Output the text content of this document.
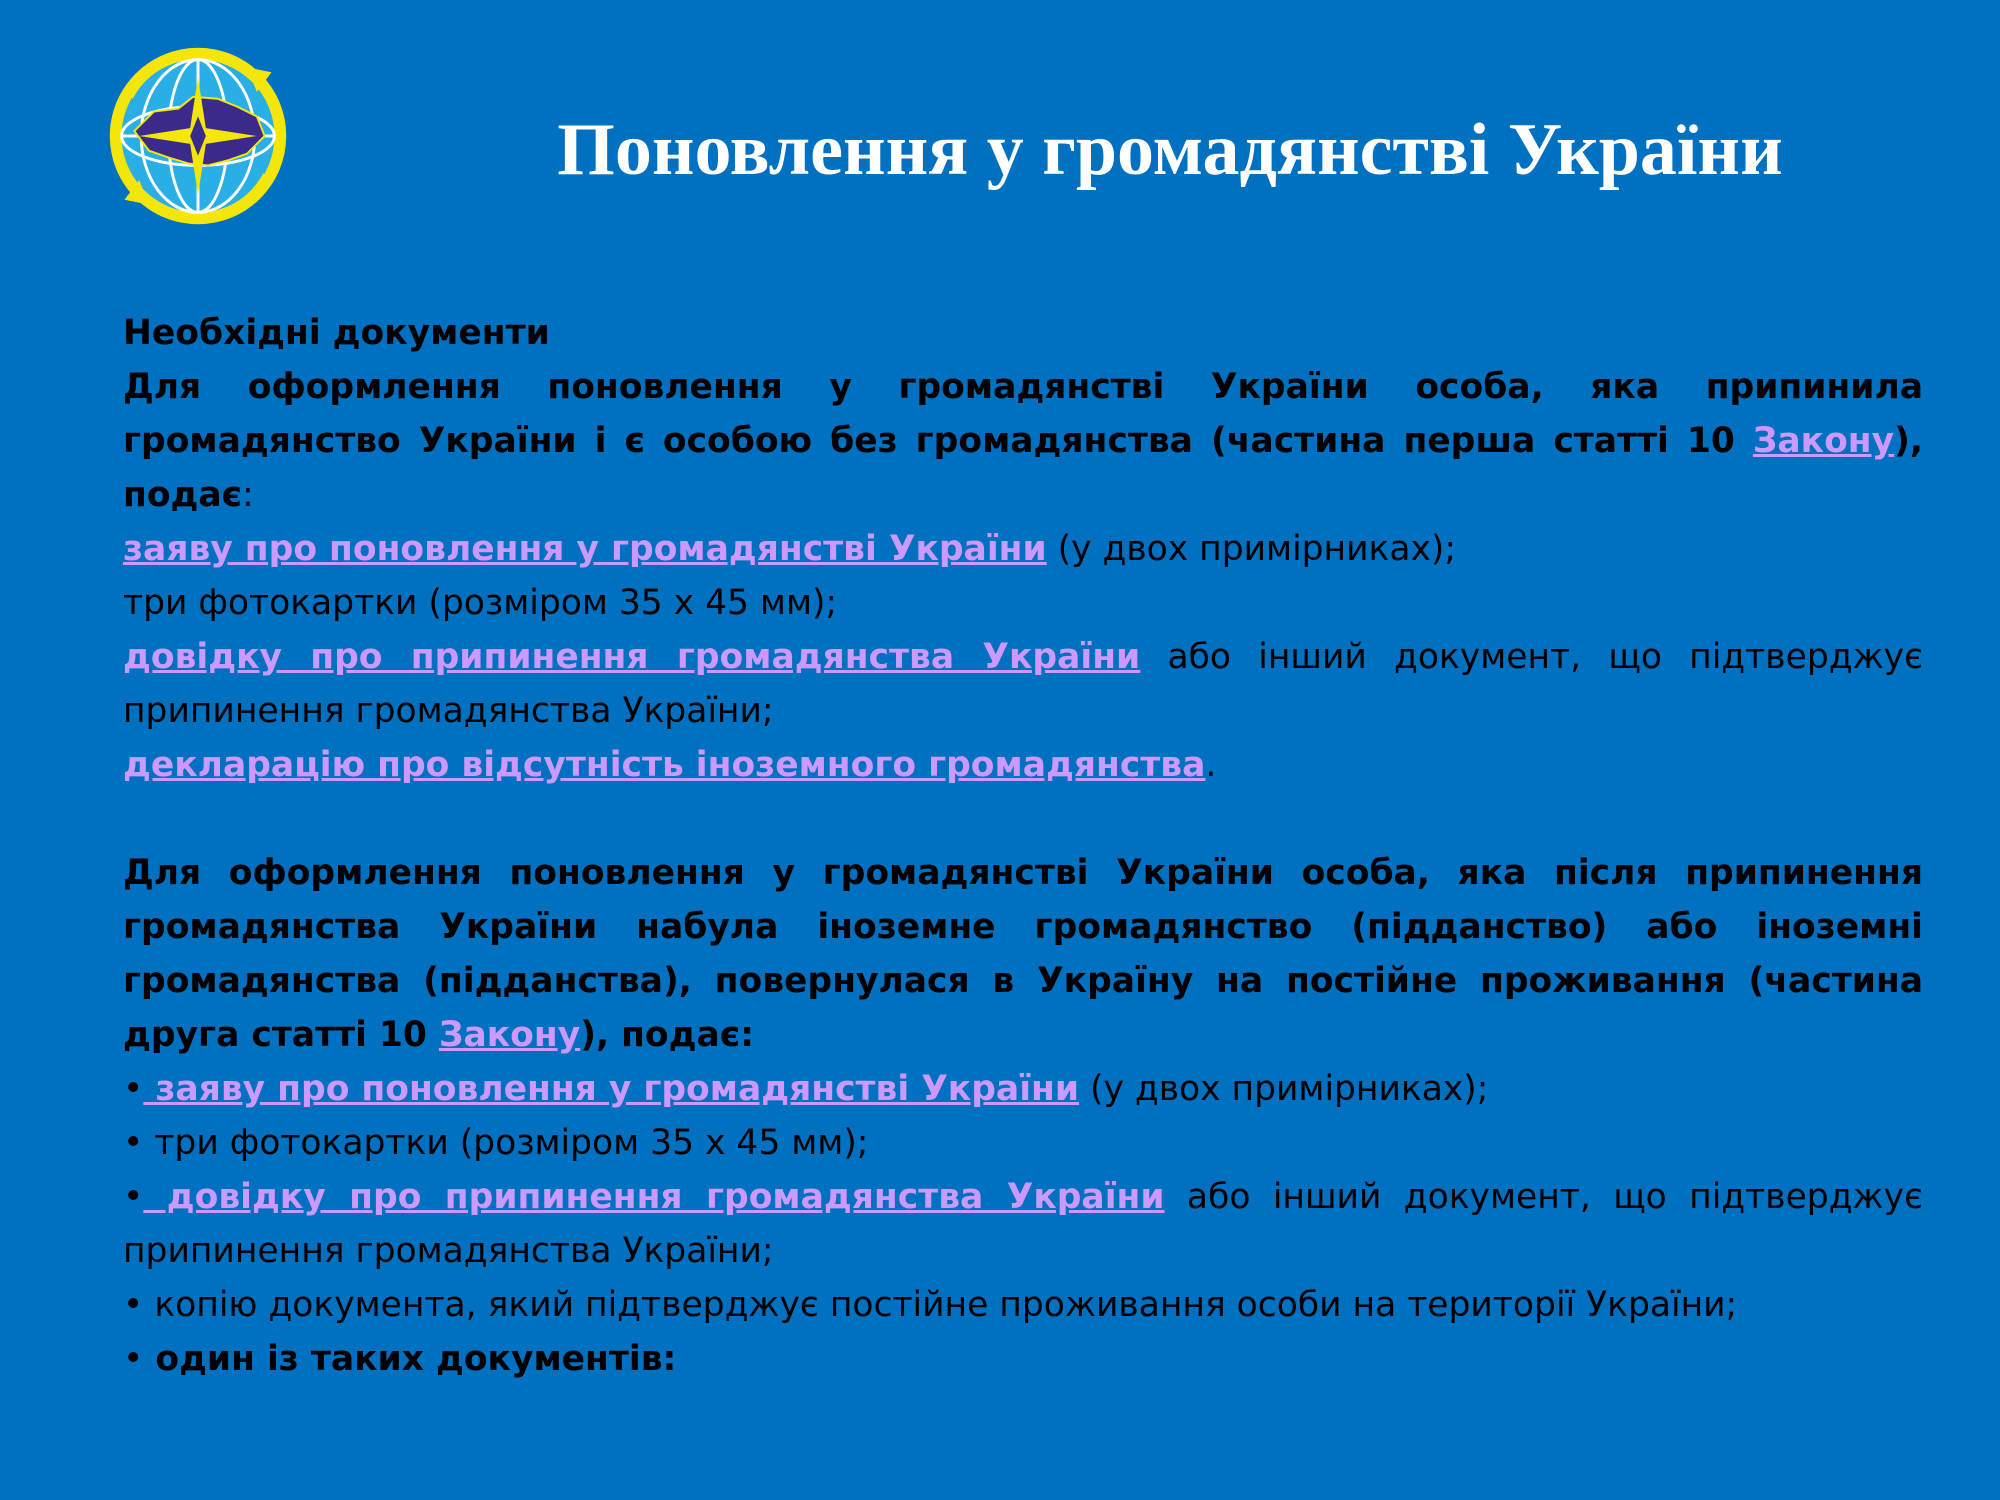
Поновлення у громадянстві України

Необхідні документи

Для оформлення поновлення у громадянстві України особа, яка припинила громадянство України і є особою без громадянства (частина перша статті 10 Закону), подає:

заяву про поновлення у громадянстві України (у двох примірниках);

три фотокартки (розміром 35 х 45 мм);

довідку про припинення громадянства України або інший документ, що підтверджує припинення громадянства України;

декларацію про відсутність іноземного громадянства.

Для оформлення поновлення у громадянстві України особа, яка після припинення громадянства України набула іноземне громадянство (підданство) або іноземні громадянства (підданства), повернулася в Україну на постійне проживання (частина друга статті 10 Закону), подає:

• заяву про поновлення у громадянстві України (у двох примірниках);

• три фотокартки (розміром 35 х 45 мм);

• довідку про припинення громадянства України або інший документ, що підтверджує припинення громадянства України;

• копію документа, який підтверджує постійне проживання особи на території України;

• один із таких документів:
